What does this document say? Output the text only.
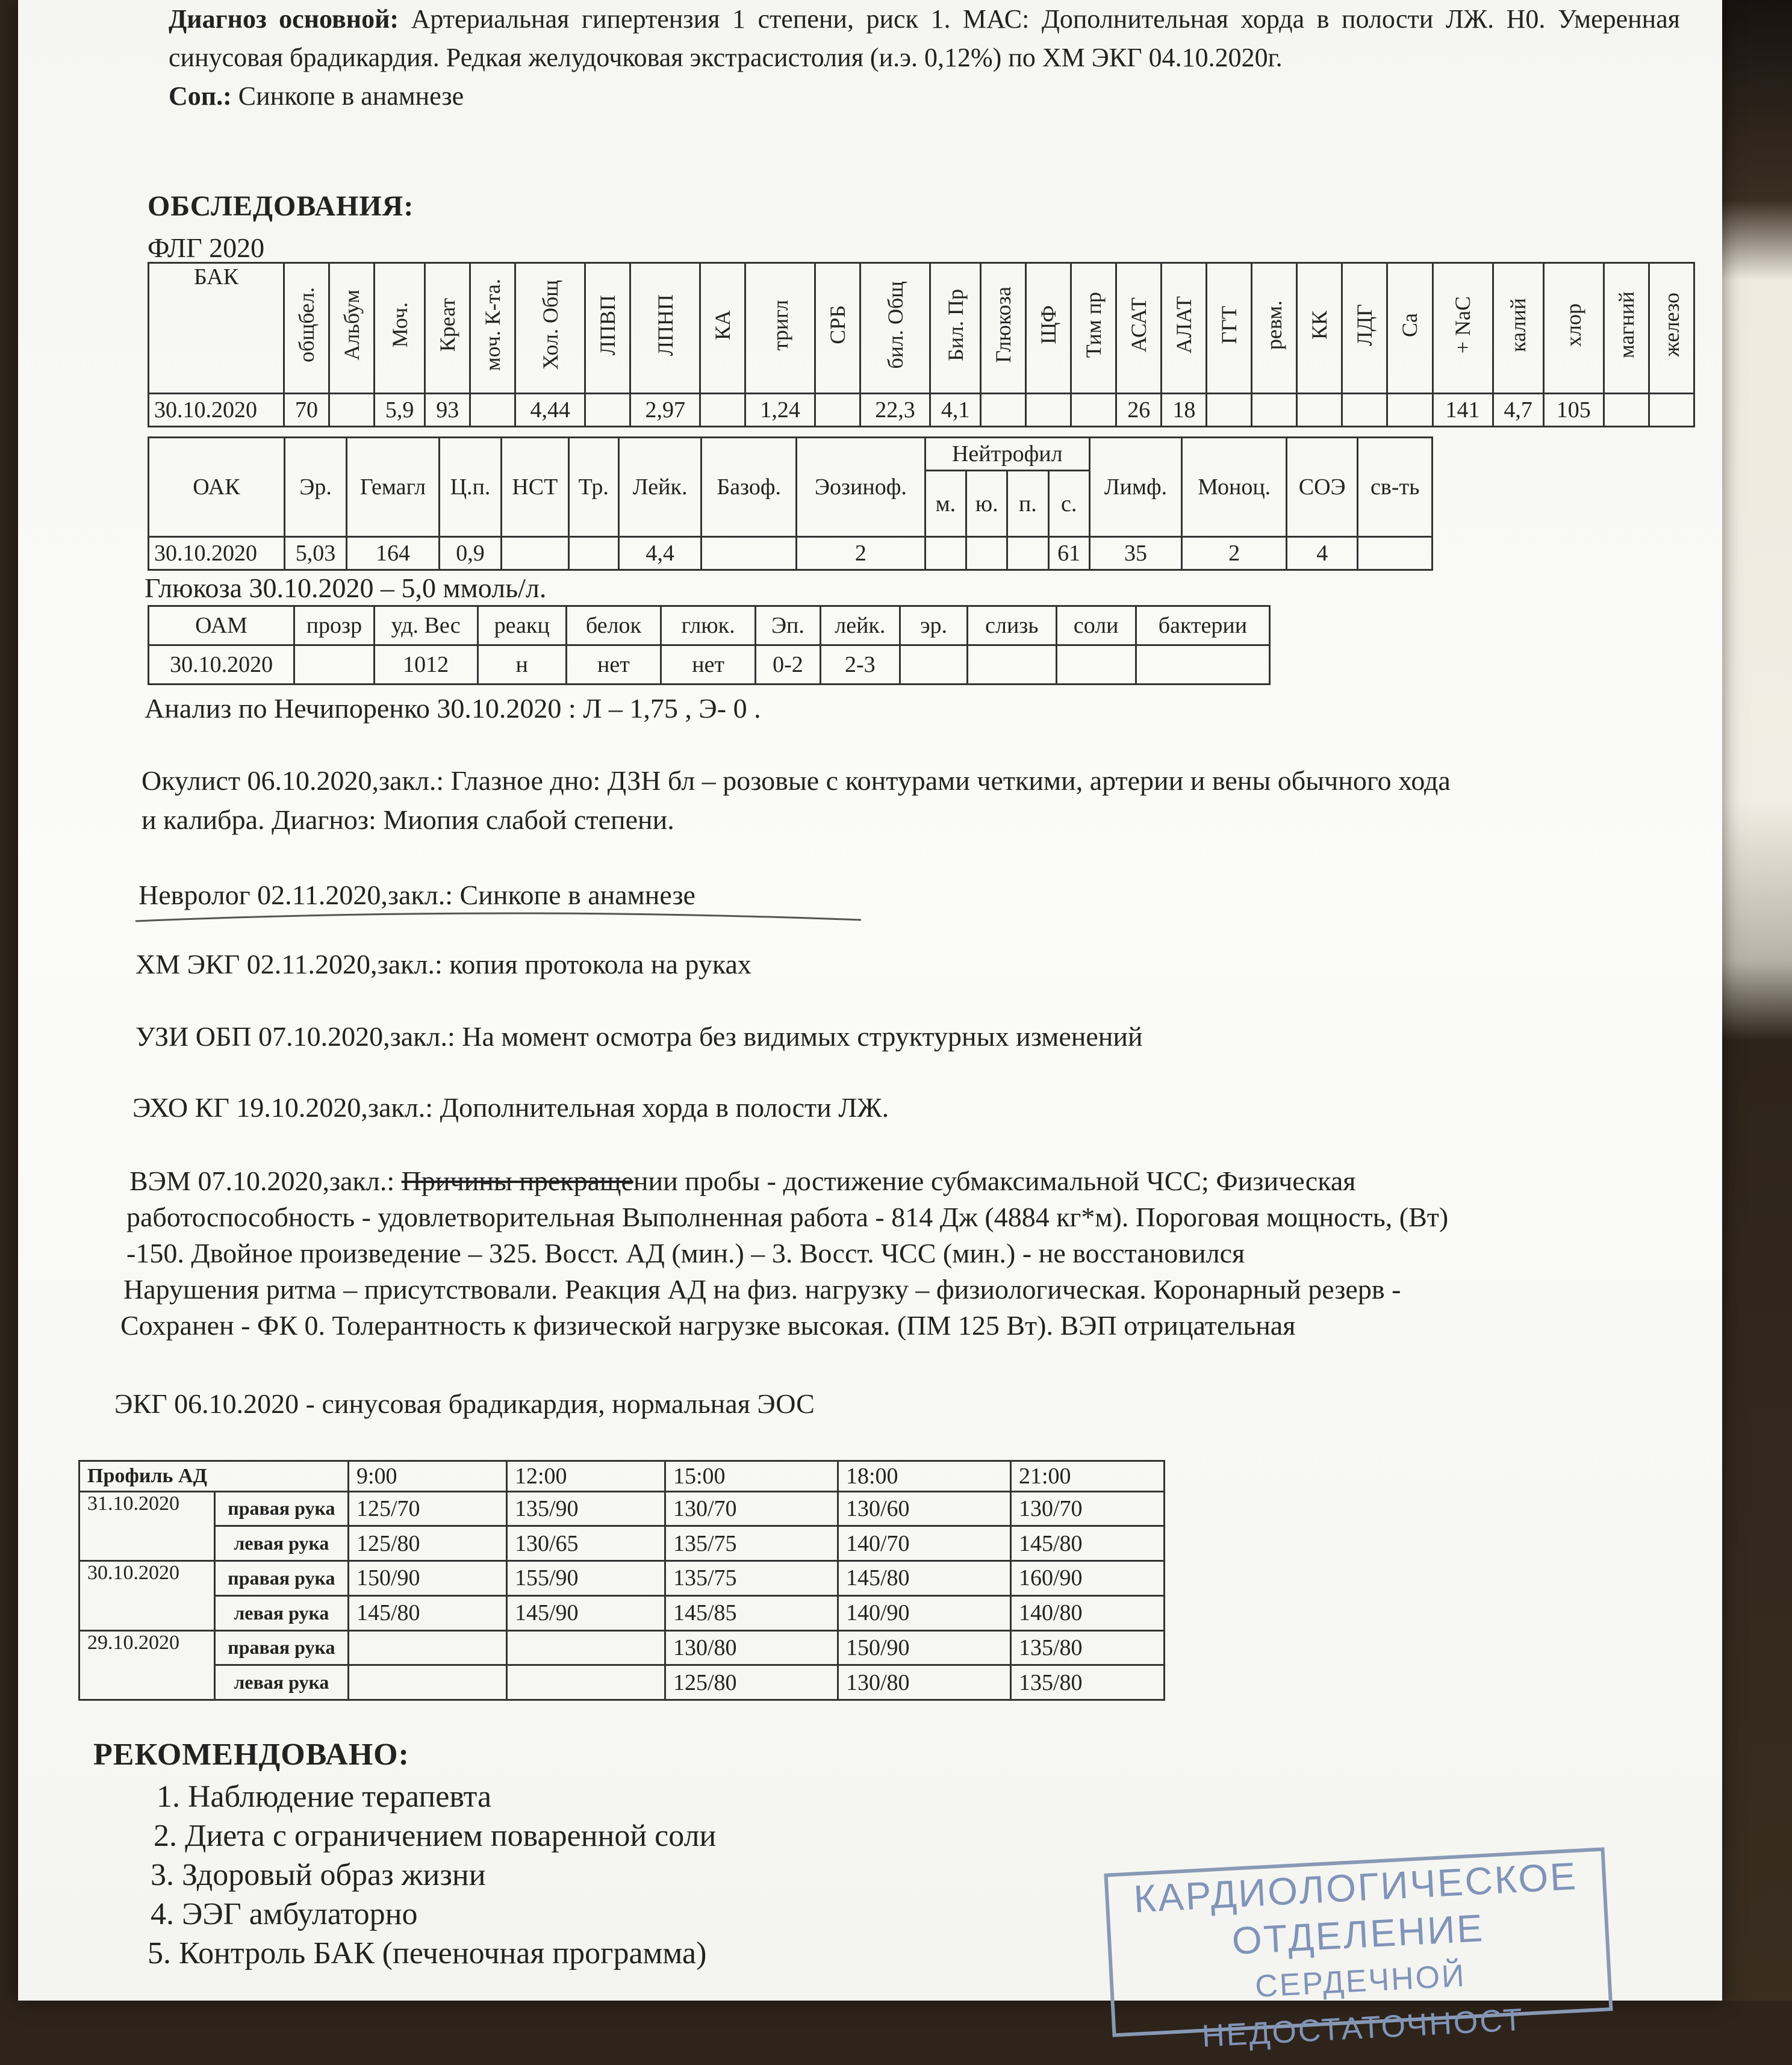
Диагноз основной: Артериальная гипертензия 1 степени, риск 1. МАС: Дополнительная хорда в полости ЛЖ. Н0. Умеренная синусовая брадикардия. Редкая желудочковая экстрасистолия (и.э. 0,12%) по ХМ ЭКГ 04.10.2020г.
Соп.: Синкопе в анамнезе
ОБСЛЕДОВАНИЯ:
ФЛГ 2020
БАК	общбел.	Альбум	Моч.	Креат	моч. К-та.	Хол. Общ	ЛПВП	ЛПНП	КА	тригл	СРБ	бил. Общ	Бил. Пр	Глюкоза	ЩФ	Тим пр	АСАТ	АЛАТ	ГГТ	ревм.	КК	ЛДГ	Са	+ NaC	калий	хлор	магний	железо
30.10.2020	70		5,9	93		4,44		2,97		1,24		22,3	4,1				26	18						141	4,7	105		
ОАК	Эр.	Гемагл	Ц.п.	НСТ	Тр.	Лейк.	Базоф.	Эозиноф.	Нейтрофил				Лимф.	Моноц.	СОЭ	св-ть
									м.	ю.	п.	с.				
30.10.2020	5,03	164	0,9			4,4		2				61	35	2	4	
Глюкоза 30.10.2020 – 5,0 ммоль/л.
ОАМ	прозр	уд. Вес	реакц	белок	глюк.	Эп.	лейк.	эр.	слизь	соли	бактерии
30.10.2020		1012	н	нет	нет	0-2	2-3				
Анализ по Нечипоренко 30.10.2020 : Л – 1,75 , Э- 0 .
Окулист 06.10.2020,закл.: Глазное дно: ДЗН бл – розовые с контурами четкими, артерии и вены обычного хода
и калибра. Диагноз: Миопия слабой степени.
Невролог 02.11.2020,закл.: Синкопе в анамнезе
ХМ ЭКГ 02.11.2020,закл.: копия протокола на руках
УЗИ ОБП 07.10.2020,закл.: На момент осмотра без видимых структурных изменений
ЭХО КГ 19.10.2020,закл.: Дополнительная хорда в полости ЛЖ.
ВЭМ 07.10.2020,закл.: Причины прекращении пробы - достижение субмаксимальной ЧСС; Физическая
работоспособность - удовлетворительная Выполненная работа - 814 Дж (4884 кг*м). Пороговая мощность, (Вт)
-150. Двойное произведение – 325. Восст. АД (мин.) – 3. Восст. ЧСС (мин.) - не восстановился
Нарушения ритма – присутствовали. Реакция АД на физ. нагрузку – физиологическая. Коронарный резерв -
Сохранен - ФК 0. Толерантность к физической нагрузке высокая. (ПМ 125 Вт). ВЭП отрицательная
ЭКГ 06.10.2020 - синусовая брадикардия, нормальная ЭОС
Профиль АД		9:00	12:00	15:00	18:00	21:00
31.10.2020	правая рука	125/70	135/90	130/70	130/60	130/70
	левая рука	125/80	130/65	135/75	140/70	145/80
30.10.2020	правая рука	150/90	155/90	135/75	145/80	160/90
	левая рука	145/80	145/90	145/85	140/90	140/80
29.10.2020	правая рука			130/80	150/90	135/80
	левая рука			125/80	130/80	135/80
РЕКОМЕНДОВАНО:
1. Наблюдение терапевта
2. Диета с ограничением поваренной соли
3. Здоровый образ жизни
4. ЭЭГ амбулаторно
5. Контроль БАК (печеночная программа)
КАРДИОЛОГИЧЕСКОЕ
ОТДЕЛЕНИЕ
СЕРДЕЧНОЙ НЕДОСТАТОЧНОСТ
